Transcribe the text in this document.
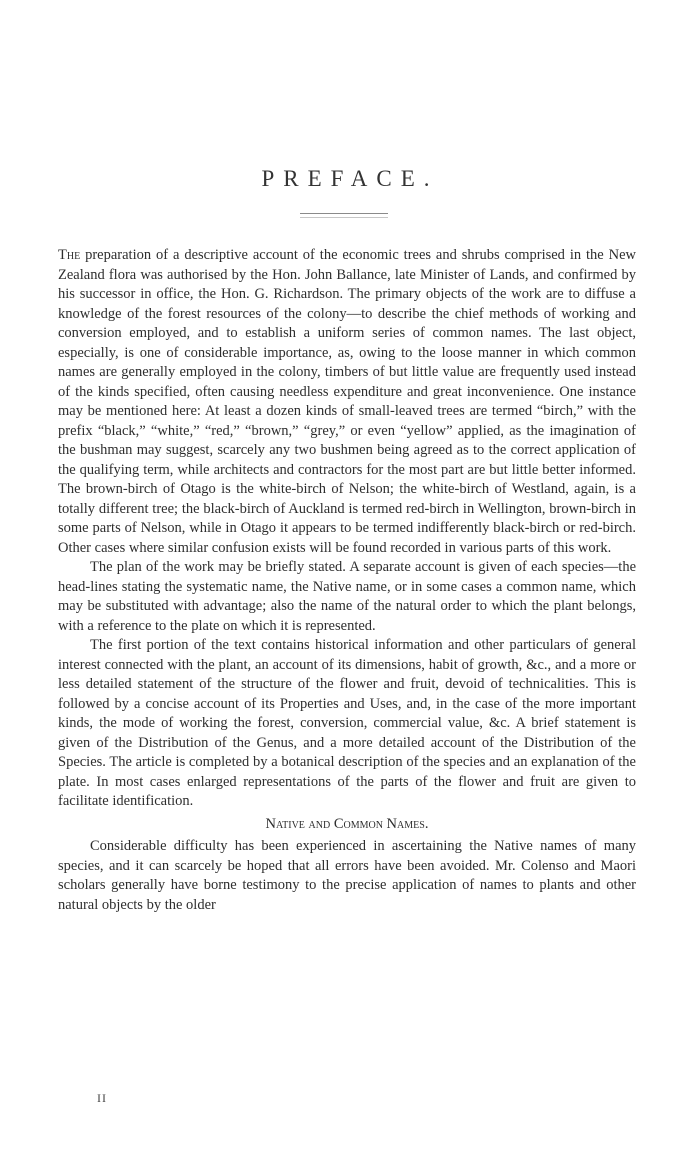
PREFACE.

The preparation of a descriptive account of the economic trees and shrubs comprised in the New Zealand flora was authorised by the Hon. John Ballance, late Minister of Lands, and confirmed by his successor in office, the Hon. G. Richardson. The primary objects of the work are to diffuse a knowledge of the forest resources of the colony—to describe the chief methods of working and conversion employed, and to establish a uniform series of common names. The last object, especially, is one of considerable importance, as, owing to the loose manner in which common names are generally employed in the colony, timbers of but little value are frequently used instead of the kinds specified, often causing needless expenditure and great inconvenience. One instance may be mentioned here: At least a dozen kinds of small-leaved trees are termed “birch,” with the prefix “black,” “white,” “red,” “brown,” “grey,” or even “yellow” applied, as the imagination of the bushman may suggest, scarcely any two bushmen being agreed as to the correct application of the qualifying term, while architects and contractors for the most part are but little better informed. The brown-birch of Otago is the white-birch of Nelson; the white-birch of Westland, again, is a totally different tree; the black-birch of Auckland is termed red-birch in Wellington, brown-birch in some parts of Nelson, while in Otago it appears to be termed indifferently black-birch or red-birch. Other cases where similar confusion exists will be found recorded in various parts of this work.

The plan of the work may be briefly stated. A separate account is given of each species—the head-lines stating the systematic name, the Native name, or in some cases a common name, which may be substituted with advantage; also the name of the natural order to which the plant belongs, with a reference to the plate on which it is represented.

The first portion of the text contains historical information and other particulars of general interest connected with the plant, an account of its dimensions, habit of growth, &c., and a more or less detailed statement of the structure of the flower and fruit, devoid of technicalities. This is followed by a concise account of its Properties and Uses, and, in the case of the more important kinds, the mode of working the forest, conversion, commercial value, &c. A brief statement is given of the Distribution of the Genus, and a more detailed account of the Distribution of the Species. The article is completed by a botanical description of the species and an explanation of the plate. In most cases enlarged representations of the parts of the flower and fruit are given to facilitate identification.

Native and Common Names.

Considerable difficulty has been experienced in ascertaining the Native names of many species, and it can scarcely be hoped that all errors have been avoided. Mr. Colenso and Maori scholars generally have borne testimony to the precise application of names to plants and other natural objects by the older

II
